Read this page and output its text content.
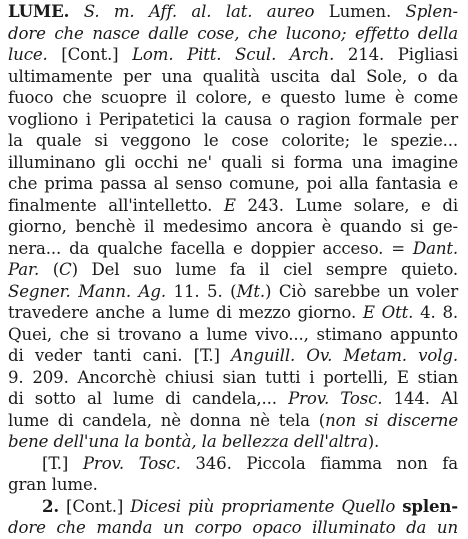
LUME. S. m. Aff. al. lat. aureo Lumen. Splen-
dore che nasce dalle cose, che lucono; effetto della
luce. [Cont.] Lom. Pitt. Scul. Arch. 214. Pigliasi
ultimamente per una qualità uscita dal Sole, o da
fuoco che scuopre il colore, e questo lume è come
vogliono i Peripatetici la causa o ragion formale per
la quale si veggono le cose colorite; le spezie...
illuminano gli occhi ne' quali si forma una imagine
che prima passa al senso comune, poi alla fantasia e
finalmente all'intelletto. E 243. Lume solare, e di
giorno, benchè il medesimo ancora è quando si ge-
nera... da qualche facella e doppier acceso. = Dant.
Par. (C) Del suo lume fa il ciel sempre quieto.
Segner. Mann. Ag. 11. 5. (Mt.) Ciò sarebbe un voler
travedere anche a lume di mezzo giorno. E Ott. 4. 8.
Quei, che si trovano a lume vivo..., stimano appunto
di veder tanti cani. [T.] Anguill. Ov. Metam. volg.
9. 209. Ancorchè chiusi sian tutti i portelli, E stian
di sotto al lume di candela,... Prov. Tosc. 144. Al
lume di candela, nè donna nè tela (non si discerne
bene dell'una la bontà, la bellezza dell'altra).
[T.] Prov. Tosc. 346. Piccola fiamma non fa
gran lume.
2. [Cont.] Dicesi più propriamente Quello splen-
dore che manda un corpo opaco illuminato da un
